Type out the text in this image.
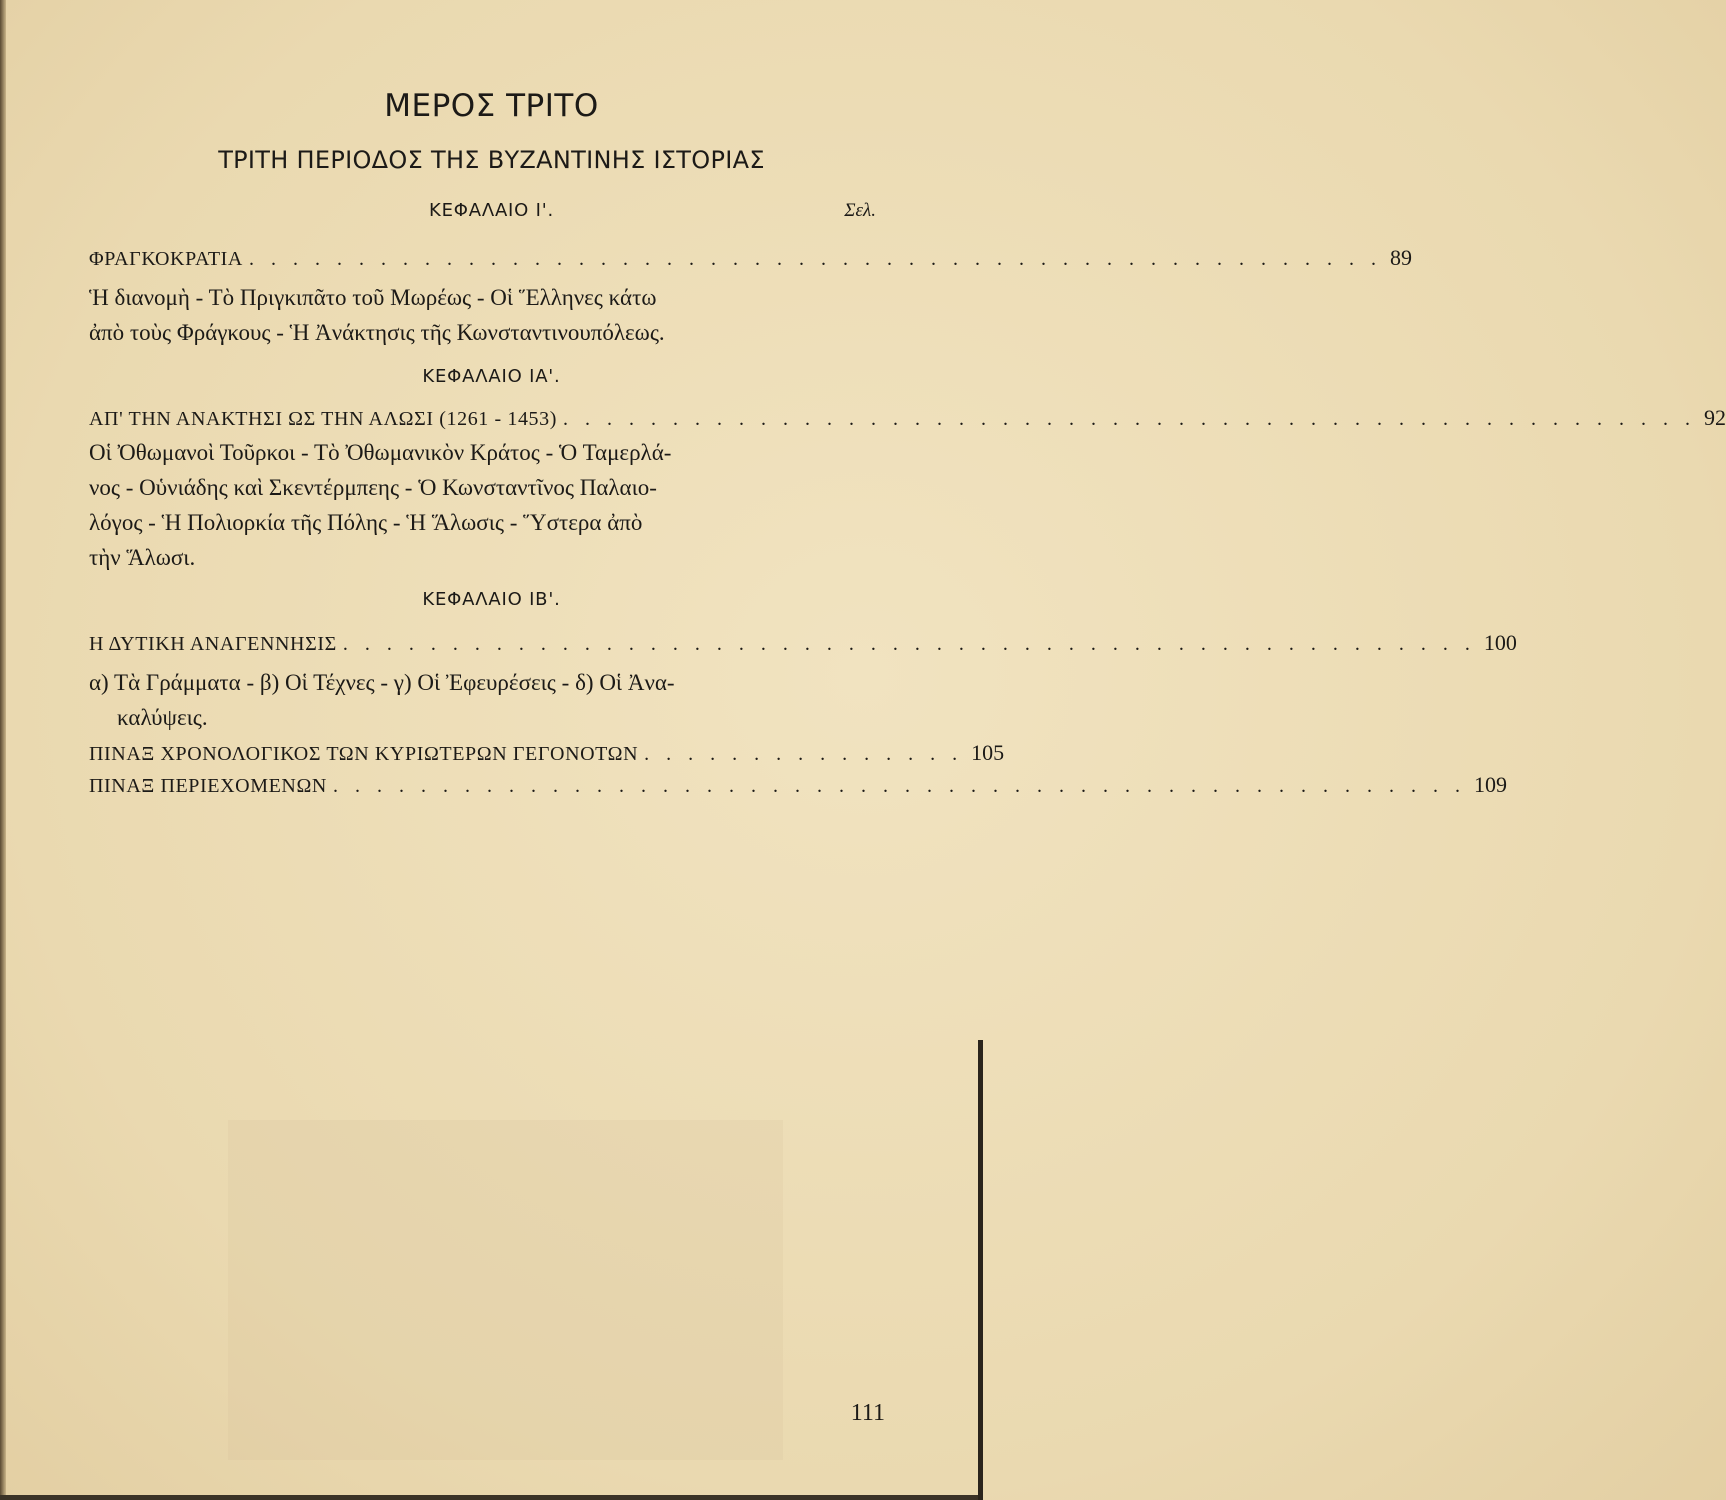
ΜΕΡΟΣ ΤΡΙΤΟ
ΤΡΙΤΗ ΠΕΡΙΟΔΟΣ ΤΗΣ ΒΥΖΑΝΤΙΝΗΣ ΙΣΤΟΡΙΑΣ
ΚΕΦΑΛΑΙΟ Ι'.	Σελ.
ΦΡΑΓΚΟΚΡΑΤΙΑ . . . . . . . . . . . . . . . . . . . . . . . . . . . . . . . . . . . . . . . . . . . . . . . . . . . . 89
Ἡ διανομὴ - Τὸ Πριγκιπᾶτο τοῦ Μωρέως - Οἱ Ἕλληνες κάτω
ἀπὸ τοὺς Φράγκους - Ἡ Ἀνάκτησις τῆς Κωνσταντινουπόλεως.
ΚΕΦΑΛΑΙΟ ΙΑ'.
ΑΠ' ΤΗΝ ΑΝΑΚΤΗΣΙ ΩΣ ΤΗΝ ΑΛΩΣΙ (1261 - 1453) . . . . . . . . . . . . . . . . . . . . . . . . . . . . . . . . . . . . . . . . . . . . . . . . . . . . 92
Οἱ Ὀθωμανοὶ Τοῦρκοι - Τὸ Ὀθωμανικὸν Κράτος - Ὁ Ταμερλά-
νος - Οὑνιάδης καὶ Σκεντέρμπεης - Ὁ Κωνσταντῖνος Παλαιο-
λόγος - Ἡ Πολιορκία τῆς Πόλης - Ἡ Ἅλωσις - Ὕστερα ἀπὸ
τὴν Ἅλωσι.
ΚΕΦΑΛΑΙΟ ΙΒ'.
Η ΔΥΤΙΚΗ ΑΝΑΓΕΝΝΗΣΙΣ . . . . . . . . . . . . . . . . . . . . . . . . . . . . . . . . . . . . . . . . . . . . . . . . . . . . 100
α) Τὰ Γράμματα - β) Οἱ Τέχνες - γ) Οἱ Ἐφευρέσεις - δ) Οἱ Ἀνα-
καλύψεις.
ΠΙΝΑΞ ΧΡΟΝΟΛΟΓΙΚΟΣ ΤΩΝ ΚΥΡΙΩΤΕΡΩΝ ΓΕΓΟΝΟΤΩΝ . . . . . . . . . . . . . . . 105
ΠΙΝΑΞ ΠΕΡΙΕΧΟΜΕΝΩΝ . . . . . . . . . . . . . . . . . . . . . . . . . . . . . . . . . . . . . . . . . . . . . . . . . . . . 109
111
